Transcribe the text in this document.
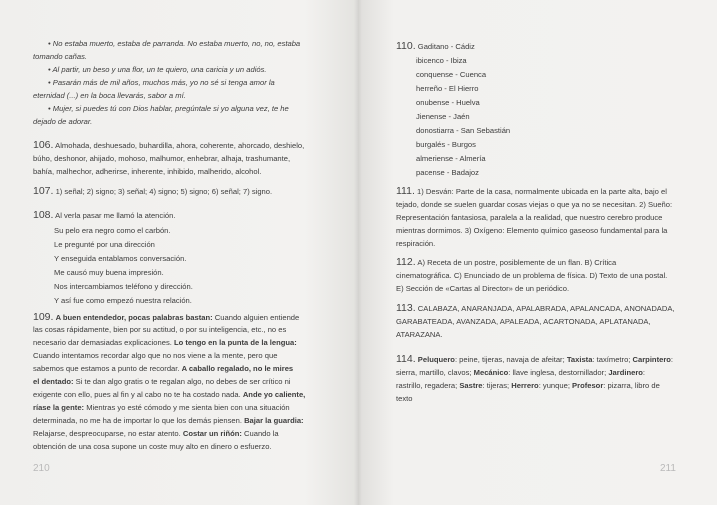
• No estaba muerto, estaba de parranda. No estaba muerto, no, no, estaba
tomando cañas.
• Al partir, un beso y una flor, un te quiero, una caricia y un adiós.
• Pasarán más de mil años, muchos más, yo no sé si tenga amor la
eternidad (...) en la boca llevarás, sabor a mí.
• Mujer, si puedes tú con Dios hablar, pregúntale si yo alguna vez, te he
dejado de adorar.
106. Almohada, deshuesado, buhardilla, ahora, coherente, ahorcado, deshielo,
búho, deshonor, ahijado, mohoso, malhumor, enhebrar, alhaja, trashumante,
bahía, malhechor, adherirse, inherente, inhibido, malherido, alcohol.
107. 1) señal; 2) signo; 3) señal; 4) signo; 5) signo; 6) señal; 7) signo.
108. Al verla pasar me llamó la atención.
Su pelo era negro como el carbón.
Le pregunté por una dirección
Y enseguida entablamos conversación.
Me causó muy buena impresión.
Nos intercambiamos teléfono y dirección.
Y así fue como empezó nuestra relación.
109. A buen entendedor, pocas palabras bastan: Cuando alguien entiende
las cosas rápidamente, bien por su actitud, o por su inteligencia, etc., no es
necesario dar demasiadas explicaciones. Lo tengo en la punta de la lengua:
Cuando intentamos recordar algo que no nos viene a la mente, pero que
sabemos que estamos a punto de recordar. A caballo regalado, no le mires
el dentado: Si te dan algo gratis o te regalan algo, no debes de ser crítico ni
exigente con ello, pues al fin y al cabo no te ha costado nada. Ande yo caliente,
ríase la gente: Mientras yo esté cómodo y me sienta bien con una situación
determinada, no me ha de importar lo que los demás piensen. Bajar la guardia:
Relajarse, despreocuparse, no estar atento. Costar un riñón: Cuando la
obtención de una cosa supone un coste muy alto en dinero o esfuerzo.
210
110. Gaditano - Cádiz
ibicenco - Ibiza
conquense - Cuenca
herreño - El Hierro
onubense - Huelva
Jienense - Jaén
donostiarra - San Sebastián
burgalés - Burgos
almeriense - Almería
pacense - Badajoz
111. 1) Desván: Parte de la casa, normalmente ubicada en la parte alta, bajo el
tejado, donde se suelen guardar cosas viejas o que ya no se necesitan. 2) Sueño:
Representación fantasiosa, paralela a la realidad, que nuestro cerebro produce
mientras dormimos. 3) Oxígeno: Elemento químico gaseoso fundamental para la
respiración.
112. A) Receta de un postre, posiblemente de un flan. B) Crítica
cinematográfica. C) Enunciado de un problema de física. D) Texto de una postal.
E) Sección de «Cartas al Director» de un periódico.
113. CALABAZA, ANARANJADA, APALABRADA, APALANCADA, ANONADADA,
GARABATEADA, AVANZADA, APALEADA, ACARTONADA, APLATANADA,
ATARAZANA.
114. Peluquero: peine, tijeras, navaja de afeitar; Taxista: taxímetro; Carpintero:
sierra, martillo, clavos; Mecánico: llave inglesa, destornillador; Jardinero:
rastrillo, regadera; Sastre: tijeras; Herrero: yunque; Profesor: pizarra, libro de
texto
211
